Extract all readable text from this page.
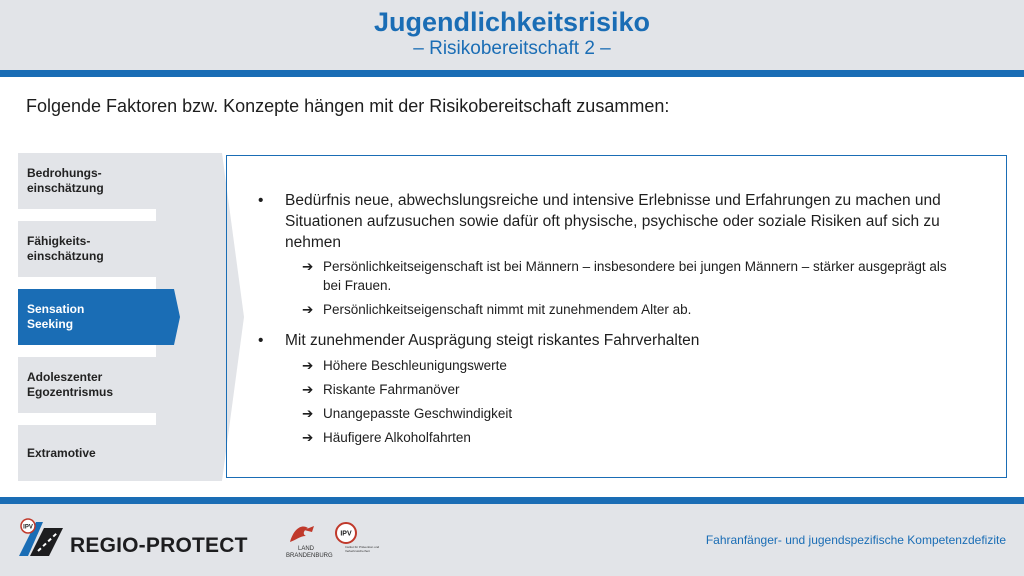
Jugendlichkeitsrisiko
– Risikobereitschaft 2 –
Folgende Faktoren bzw. Konzepte hängen mit der Risikobereitschaft zusammen:
Bedrohungs-
einschätzung
Fähigkeits-
einschätzung
Sensation
Seeking
Adoleszenter
Egozentrismus
Extramotive
• Bedürfnis neue, abwechslungsreiche und intensive Erlebnisse und Erfahrungen zu machen und Situationen aufzusuchen sowie dafür oft physische, psychische oder soziale Risiken auf sich zu nehmen
➔ Persönlichkeitseigenschaft ist bei Männern – insbesondere bei jungen Männern – stärker ausgeprägt als bei Frauen.
➔ Persönlichkeitseigenschaft nimmt mit zunehmendem Alter ab.
• Mit zunehmender Ausprägung steigt riskantes Fahrverhalten
➔ Höhere Beschleunigungswerte
➔ Riskante Fahrmanöver
➔ Unangepasste Geschwindigkeit
➔ Häufigere Alkoholfahrten
IPV
REGIO-PROTECT	LAND
BRANDENBURG
IPV
Institut für Prävention und Verkehrssicherheit
Fahranfänger- und jugendspezifische Kompetenzdefizite
